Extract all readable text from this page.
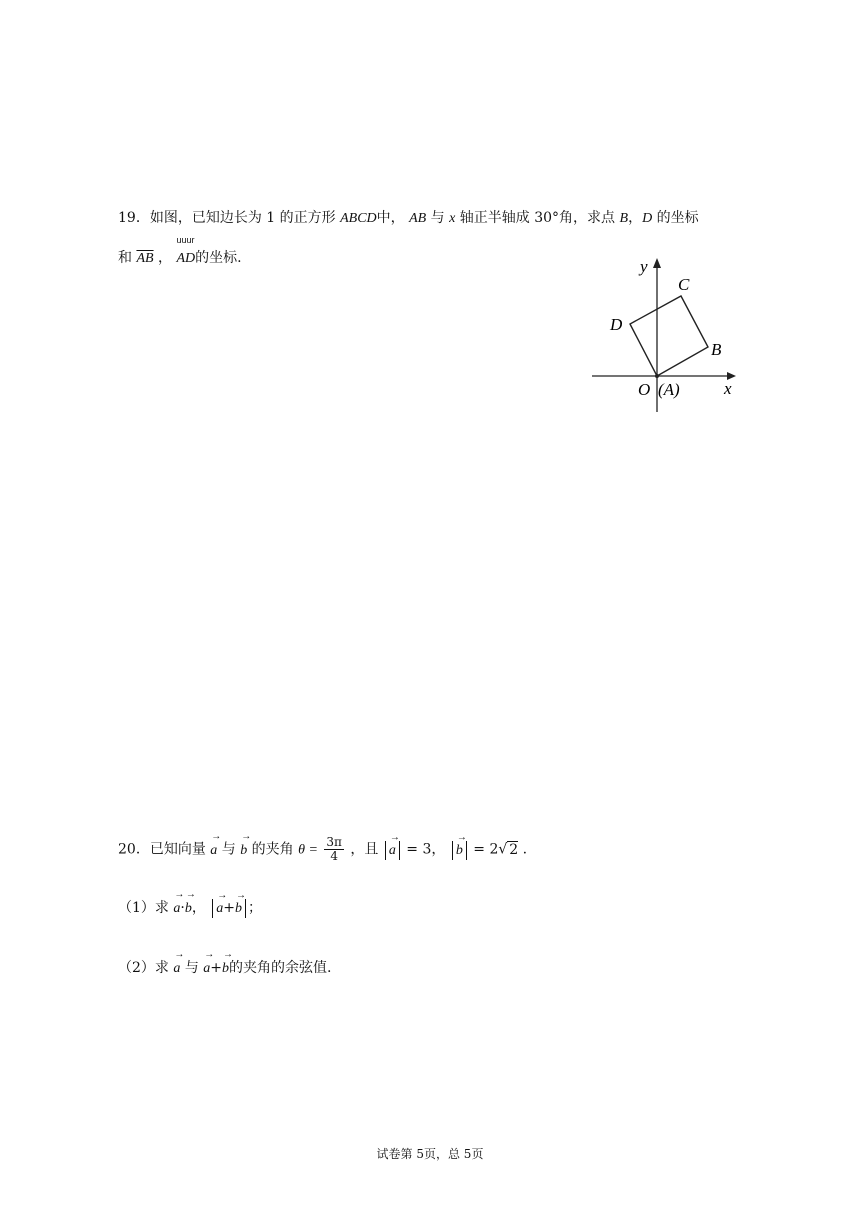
19．如图，已知边长为 1 的正方形 ABCD中， AB 与 x 轴正半轴成 30°角，求点 B，D 的坐标
和 $\overline{AB}$ ，
uuur
AD的坐标.	y
C
D
B
O (A)	x
20．已知向量
→
a 与
→
b 的夹角 $\theta = \frac{3\pi}{4}$ ，且
→
a = 3，
→
b = 2√ 2 .
（1）求
→
a·
→
b，
→
a+
→
b ；
（2）求
→
a 与
→
a+
→
b的夹角的余弦值.
试卷第 5页，总 5页
